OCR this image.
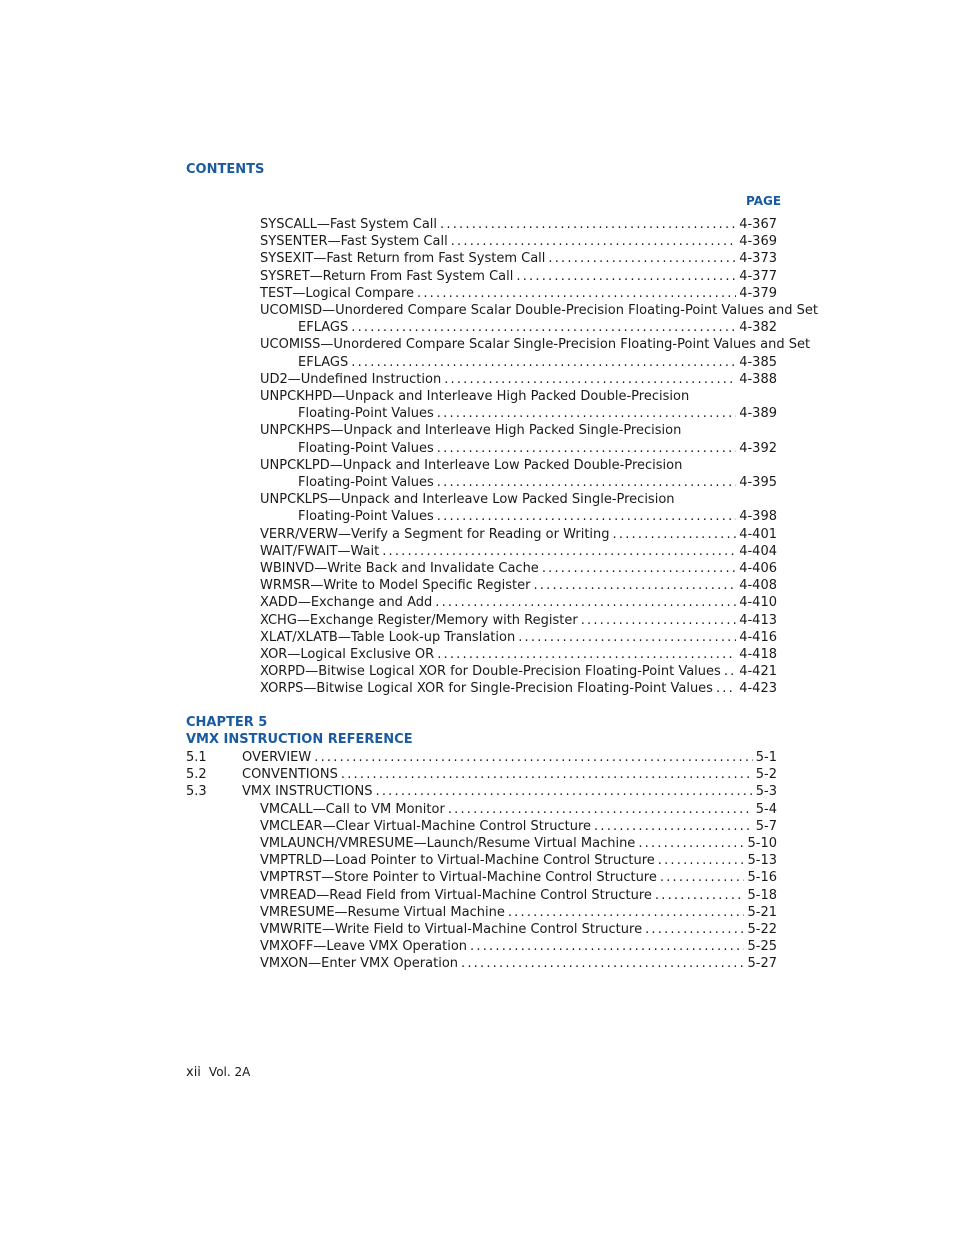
CONTENTS
PAGE
SYSCALL—Fast System Call .....	4-367
SYSENTER—Fast System Call .....	4-369
SYSEXIT—Fast Return from Fast System Call .....	4-373
SYSRET—Return From Fast System Call .....	4-377
TEST—Logical Compare .....	4-379
UCOMISD—Unordered Compare Scalar Double-Precision Floating-Point Values and Set
EFLAGS .....	4-382
UCOMISS—Unordered Compare Scalar Single-Precision Floating-Point Values and Set
EFLAGS .....	4-385
UD2—Undefined Instruction .....	4-388
UNPCKHPD—Unpack and Interleave High Packed Double-Precision
Floating-Point Values .....	4-389
UNPCKHPS—Unpack and Interleave High Packed Single-Precision
Floating-Point Values .....	4-392
UNPCKLPD—Unpack and Interleave Low Packed Double-Precision
Floating-Point Values .....	4-395
UNPCKLPS—Unpack and Interleave Low Packed Single-Precision
Floating-Point Values .....	4-398
VERR/VERW—Verify a Segment for Reading or Writing .....	4-401
WAIT/FWAIT—Wait .....	4-404
WBINVD—Write Back and Invalidate Cache .....	4-406
WRMSR—Write to Model Specific Register .....	4-408
XADD—Exchange and Add .....	4-410
XCHG—Exchange Register/Memory with Register .....	4-413
XLAT/XLATB—Table Look-up Translation .....	4-416
XOR—Logical Exclusive OR .....	4-418
XORPD—Bitwise Logical XOR for Double-Precision Floating-Point Values ..... 4-421
XORPS—Bitwise Logical XOR for Single-Precision Floating-Point Values ..... 4-423
CHAPTER 5
VMX INSTRUCTION REFERENCE
5.1	OVERVIEW .....	5-1
5.2	CONVENTIONS .....	5-2
5.3	VMX INSTRUCTIONS .....	5-3
VMCALL—Call to VM Monitor .....	5-4
VMCLEAR—Clear Virtual-Machine Control Structure .....	5-7
VMLAUNCH/VMRESUME—Launch/Resume Virtual Machine .....	5-10
VMPTRLD—Load Pointer to Virtual-Machine Control Structure .....	5-13
VMPTRST—Store Pointer to Virtual-Machine Control Structure .....	5-16
VMREAD—Read Field from Virtual-Machine Control Structure .....	5-18
VMRESUME—Resume Virtual Machine .....	5-21
VMWRITE—Write Field to Virtual-Machine Control Structure .....	5-22
VMXOFF—Leave VMX Operation .....	5-25
VMXON—Enter VMX Operation .....	5-27
xii Vol. 2A
